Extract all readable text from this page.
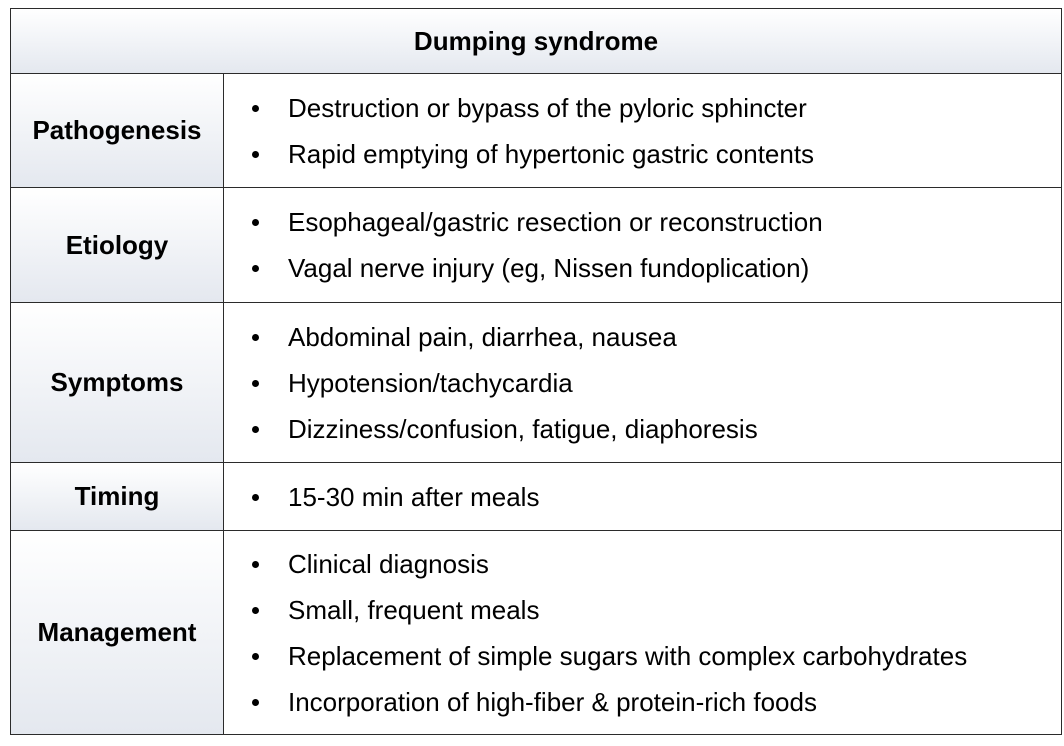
Dumping syndrome
Pathogenesis
Destruction or bypass of the pyloric sphincter
Rapid emptying of hypertonic gastric contents
Etiology
Esophageal/gastric resection or reconstruction
Vagal nerve injury (eg, Nissen fundoplication)
Symptoms
Abdominal pain, diarrhea, nausea
Hypotension/tachycardia
Dizziness/confusion, fatigue, diaphoresis
Timing	15-30 min after meals
Management
Clinical diagnosis
Small, frequent meals
Replacement of simple sugars with complex carbohydrates
Incorporation of high-fiber & protein-rich foods
